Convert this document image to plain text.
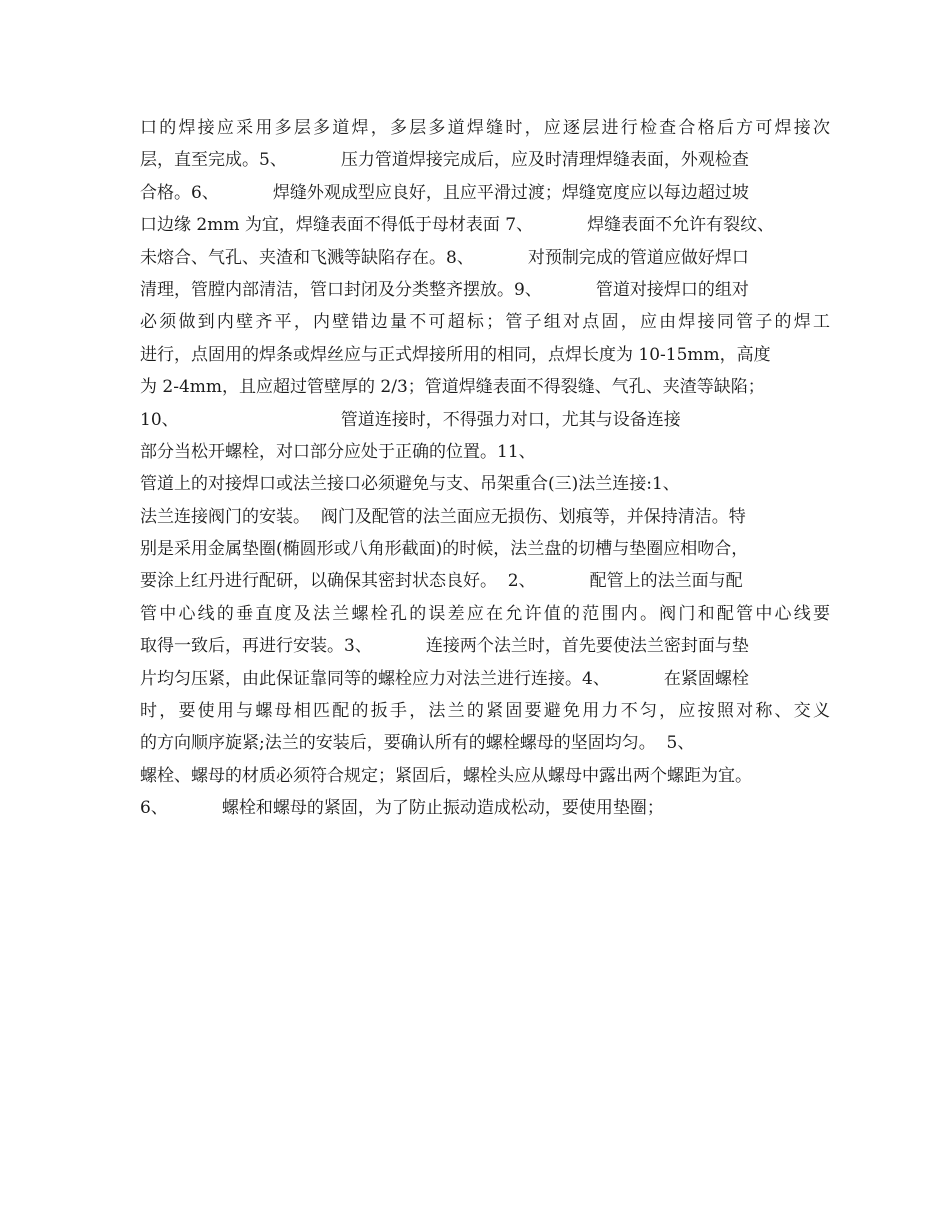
口的焊接应采用多层多道焊，多层多道焊缝时，应逐层进行检查合格后方可焊接次
层，直至完成。5、          压力管道焊接完成后，应及时清理焊缝表面，外观检查
合格。6、          焊缝外观成型应良好，且应平滑过渡；焊缝宽度应以每边超过坡
口边缘 2mm 为宜，焊缝表面不得低于母材表面 7、          焊缝表面不允许有裂纹、
未熔合、气孔、夹渣和飞溅等缺陷存在。8、          对预制完成的管道应做好焊口
清理，管膛内部清洁，管口封闭及分类整齐摆放。9、          管道对接焊口的组对
必须做到内壁齐平，内壁错边量不可超标；管子组对点固，应由焊接同管子的焊工
进行，点固用的焊条或焊丝应与正式焊接所用的相同，点焊长度为 10-15mm，高度
为 2-4mm，且应超过管壁厚的 2/3；管道焊缝表面不得裂缝、气孔、夹渣等缺陷；
10、                              管道连接时，不得强力对口，尤其与设备连接
部分当松开螺栓，对口部分应处于正确的位置。11、
管道上的对接焊口或法兰接口必须避免与支、吊架重合(三)法兰连接:1、
法兰连接阀门的安装。  阀门及配管的法兰面应无损伤、划痕等，并保持清洁。特
别是采用金属垫圈(椭圆形或八角形截面)的时候，法兰盘的切槽与垫圈应相吻合，
要涂上红丹进行配研，以确保其密封状态良好。  2、          配管上的法兰面与配
管中心线的垂直度及法兰螺栓孔的误差应在允许值的范围内。阀门和配管中心线要
取得一致后，再进行安装。3、          连接两个法兰时，首先要使法兰密封面与垫
片均匀压紧，由此保证靠同等的螺栓应力对法兰进行连接。4、          在紧固螺栓
时，要使用与螺母相匹配的扳手，法兰的紧固要避免用力不匀，应按照对称、交义
的方向顺序旋紧;法兰的安装后，要确认所有的螺栓螺母的坚固均匀。  5、
螺栓、螺母的材质必须符合规定；紧固后，螺栓头应从螺母中露出两个螺距为宜。
6、          螺栓和螺母的紧固，为了防止振动造成松动，要使用垫圈；
